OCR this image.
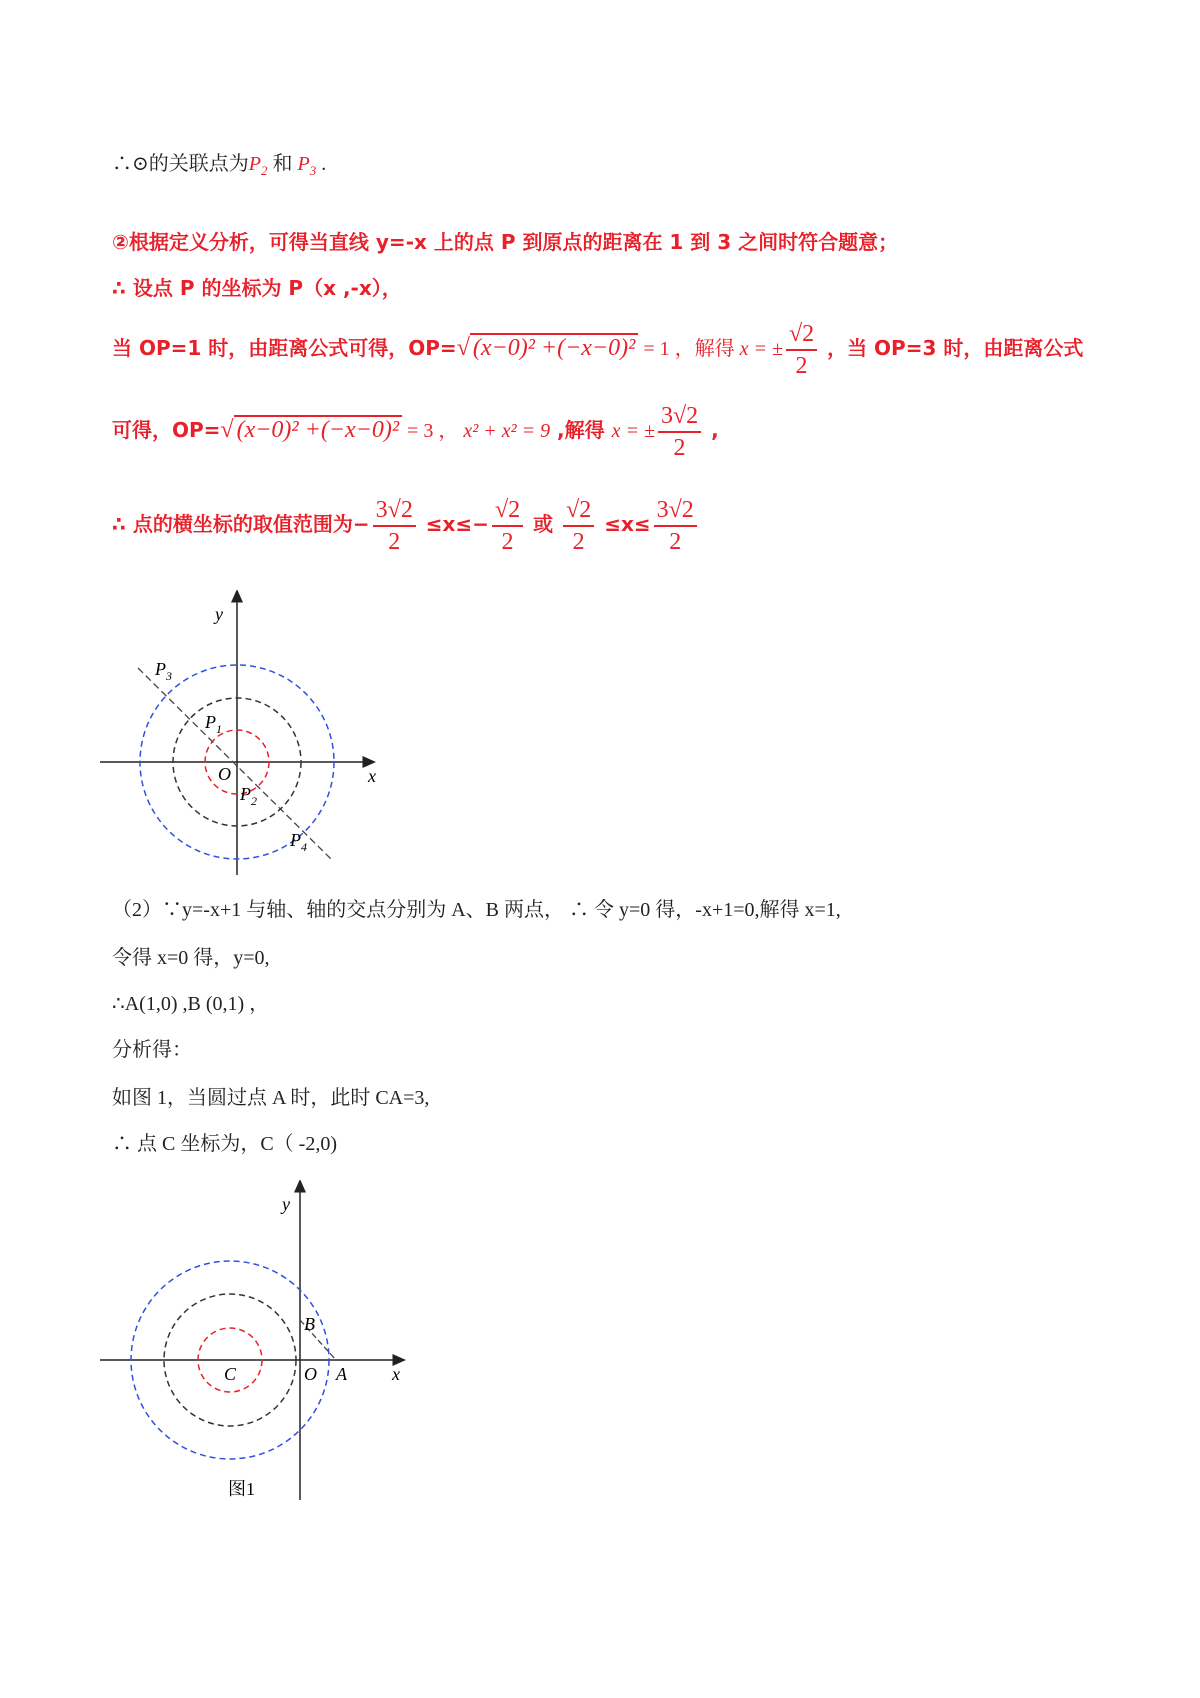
∴⊙的关联点为$P_2$ 和 $P_3$ .
②根据定义分析，可得当直线 y=-x 上的点 P 到原点的距离在 1 到 3 之间时符合题意；
∴ 设点 P 的坐标为 P（x ,-x），
当 OP=1 时，由距离公式可得，OP=√ (x−0)² +(−x−0)² = 1 ，解得 x = ± $\frac{√2}{2}$ ，当 OP=3 时，由距离公式
可得，OP=√ (x−0)² +(−x−0)² = 3 ， x² + x² = 9 ,解得 x = ± $\frac{3√2}{2}$ ,
∴ 点的横坐标的取值范围为− $\frac{3√2}{2} \le x\le- \frac{√2}{2}$ 或 $\frac{√2}{2} \le x\le \frac{3√2}{2}$
y
x
O
$P_1$
$P_2$
$P_3$
$P_4$
（2）∵y=-x+1 与轴、轴的交点分别为 A、B 两点， ∴ 令 y=0 得，-x+1=0,解得 x=1,
令得 x=0 得，y=0,
∴A(1,0) ,B (0,1) ，
分析得：
如图 1，当圆过点 A 时，此时 CA=3,
∴ 点 C 坐标为，C（ -2,0)
y
x
O A
B
C
图1
